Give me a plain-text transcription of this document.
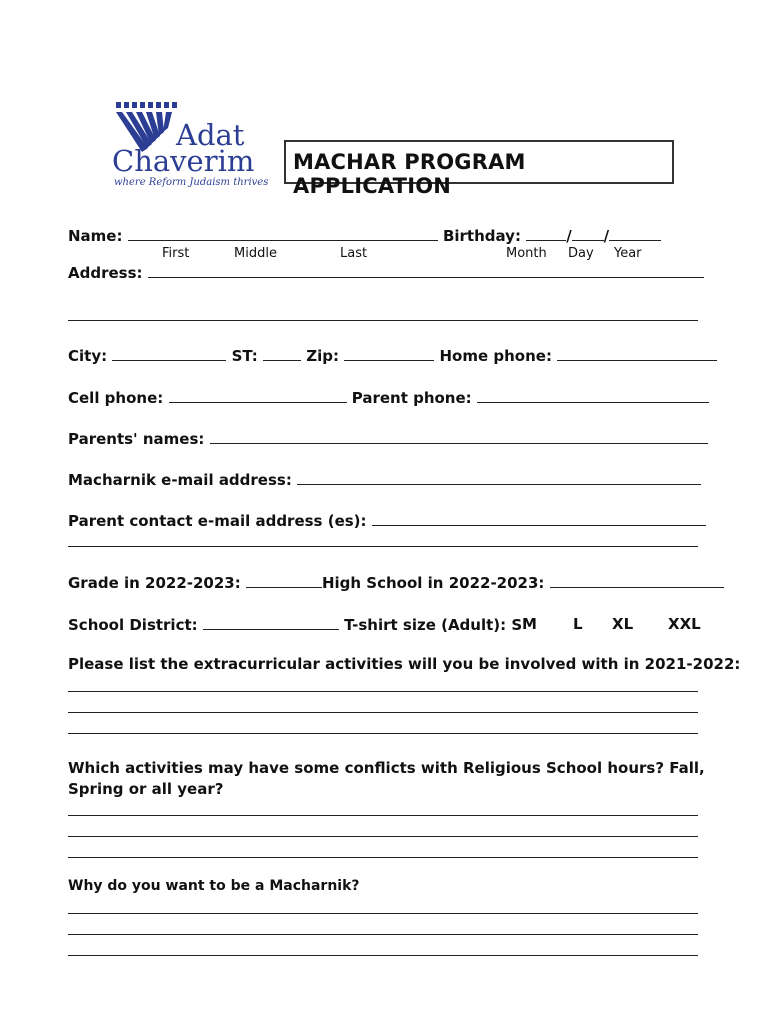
Adat
Chaverim
where Reform Judaism thrives
MACHAR PROGRAM APPLICATION
Name:	Birthday:	/ /
First	Middle	Last	Month Day Year
Address:
City:	ST:	Zip:	Home phone:
Cell phone:	Parent phone:
Parents' names:
Macharnik e-mail address:
Parent contact e-mail address (es):
Grade in 2022-2023:	High School in 2022-2023:
School District:	T-shirt size (Adult): S M L XL XXL
Please list the extracurricular activities will you be involved with in 2021-2022:
Which activities may have some conflicts with Religious School hours? Fall,
Spring or all year?
Why do you want to be a Macharnik?
